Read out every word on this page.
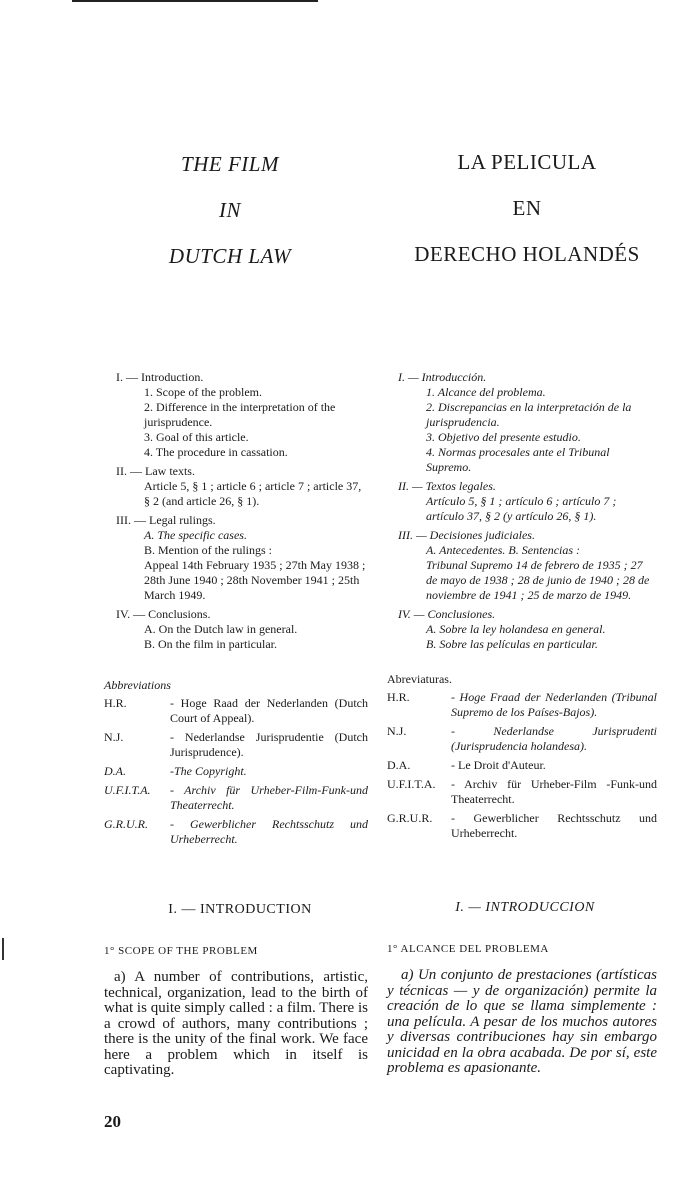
THE FILM
IN
DUTCH LAW
LA PELICULA
EN
DERECHO HOLANDÉS
I. — Introduction.
1. Scope of the problem.
2. Difference in the interpretation of the jurisprudence.
3. Goal of this article.
4. The procedure in cassation.
II. — Law texts.
Article 5, § 1 ; article 6 ; article 7 ; article 37, § 2 (and article 26, § 1).
III. — Legal rulings.
A. The specific cases.
B. Mention of the rulings :
Appeal 14th February 1935 ; 27th May 1938 ; 28th June 1940 ; 28th November 1941 ; 25th March 1949.
IV. — Conclusions.
A. On the Dutch law in general.
B. On the film in particular.
I. — Introducción.
1. Alcance del problema.
2. Discrepancias en la interpretación de la jurisprudencia.
3. Objetivo del presente estudio.
4. Normas procesales ante el Tribunal Supremo.
II. — Textos legales.
Artículo 5, § 1 ; artículo 6 ; artículo 7 ; artículo 37, § 2 (y artículo 26, § 1).
III. — Decisiones judiciales.
A. Antecedentes. B. Sentencias :
Tribunal Supremo 14 de febrero de 1935 ; 27 de mayo de 1938 ; 28 de junio de 1940 ; 28 de noviembre de 1941 ; 25 de marzo de 1949.
IV. — Conclusiones.
A. Sobre la ley holandesa en general.
B. Sobre las películas en particular.
Abbreviations
H.R.	- Hoge Raad der Nederlanden (Dutch Court of Appeal).
N.J.	- Nederlandse Jurisprudentie (Dutch Jurisprudence).
D.A.	-The Copyright.
U.F.I.T.A.	- Archiv für Urheber-Film-Funk-und Theaterrecht.
G.R.U.R.	- Gewerblicher Rechtsschutz und Urheberrecht.
Abreviaturas.
H.R.	- Hoge Fraad der Nederlanden (Tribunal Supremo de los Países-Bajos).
N.J.	- Nederlandse Jurisprudenti (Jurisprudencia holandesa).
D.A.	- Le Droit d'Auteur.
U.F.I.T.A.	- Archiv für Urheber-Film -Funk-und Theaterrecht.
G.R.U.R.	- Gewerblicher Rechtsschutz und Urheberrecht.
I. — INTRODUCTION	I. — INTRODUCCION
1° SCOPE OF THE PROBLEM	1° ALCANCE DEL PROBLEMA
a) A number of contributions, artistic, technical, organization, lead to the birth of what is quite simply called : a film. There is a crowd of authors, many contributions ; there is the unity of the final work. We face here a problem which in itself is captivating.
a) Un conjunto de prestaciones (artísticas y técnicas — y de organización) permite la creación de lo que se llama simplemente : una película. A pesar de los muchos autores y diversas contribuciones hay sin embargo unicidad en la obra acabada. De por sí, este problema es apasionante.
20
